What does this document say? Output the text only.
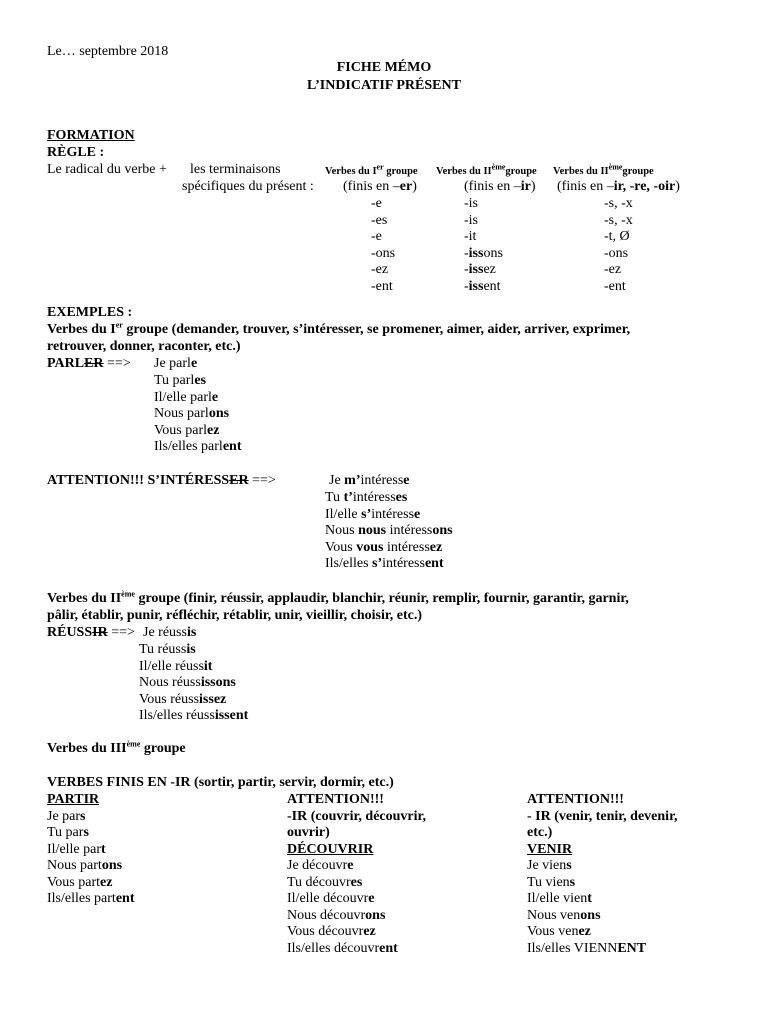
Le… septembre 2018
FICHE MÉMO
L’INDICATIF PRÉSENT
FORMATION
RÈGLE :
Le radical du verbe + les terminaisons
spécifiques du présent :
Verbes du Ier groupe Verbes du IIèmegroupe Verbes du IIèmegroupe
(finis en –er)	(finis en –ir) (finis en –ir, -re, -oir)
-e
-es
-e
-ons
-ez
-ent
-is
-is
-it
-issons
-issez
-issent
-s, -x
-s, -x
-t, Ø
-ons
-ez
-ent
EXEMPLES :
Verbes du Ier groupe (demander, trouver, s’intéresser, se promener, aimer, aider, arriver, exprimer,
retrouver, donner, raconter, etc.)
PARLER ==> Je parle
Tu parles
Il/elle parle
Nous parlons
Vous parlez
Ils/elles parlent
ATTENTION!!! S’INTÉRESSER ==>	Je m’intéresse
Tu t’intéresses
Il/elle s’intéresse
Nous nous intéressons
Vous vous intéressez
Ils/elles s’intéressent
Verbes du IIème groupe (finir, réussir, applaudir, blanchir, réunir, remplir, fournir, garantir, garnir,
pâlir, établir, punir, réfléchir, rétablir, unir, vieillir, choisir, etc.)
RÉUSSIR ==> Je réussis
Tu réussis
Il/elle réussit
Nous réussissons
Vous réussissez
Ils/elles réussissent
Verbes du IIIème groupe
VERBES FINIS EN -IR (sortir, partir, servir, dormir, etc.)
PARTIR
Je pars
Tu pars
Il/elle part
Nous partons
Vous partez
Ils/elles partent
ATTENTION!!!
-IR (couvrir, découvrir,
ouvrir)
DÉCOUVRIR
Je découvre
Tu découvres
Il/elle découvre
Nous découvrons
Vous découvrez
Ils/elles découvrent
ATTENTION!!!
- IR (venir, tenir, devenir,
etc.)
VENIR
Je viens
Tu viens
Il/elle vient
Nous venons
Vous venez
Ils/elles VIENNENT
